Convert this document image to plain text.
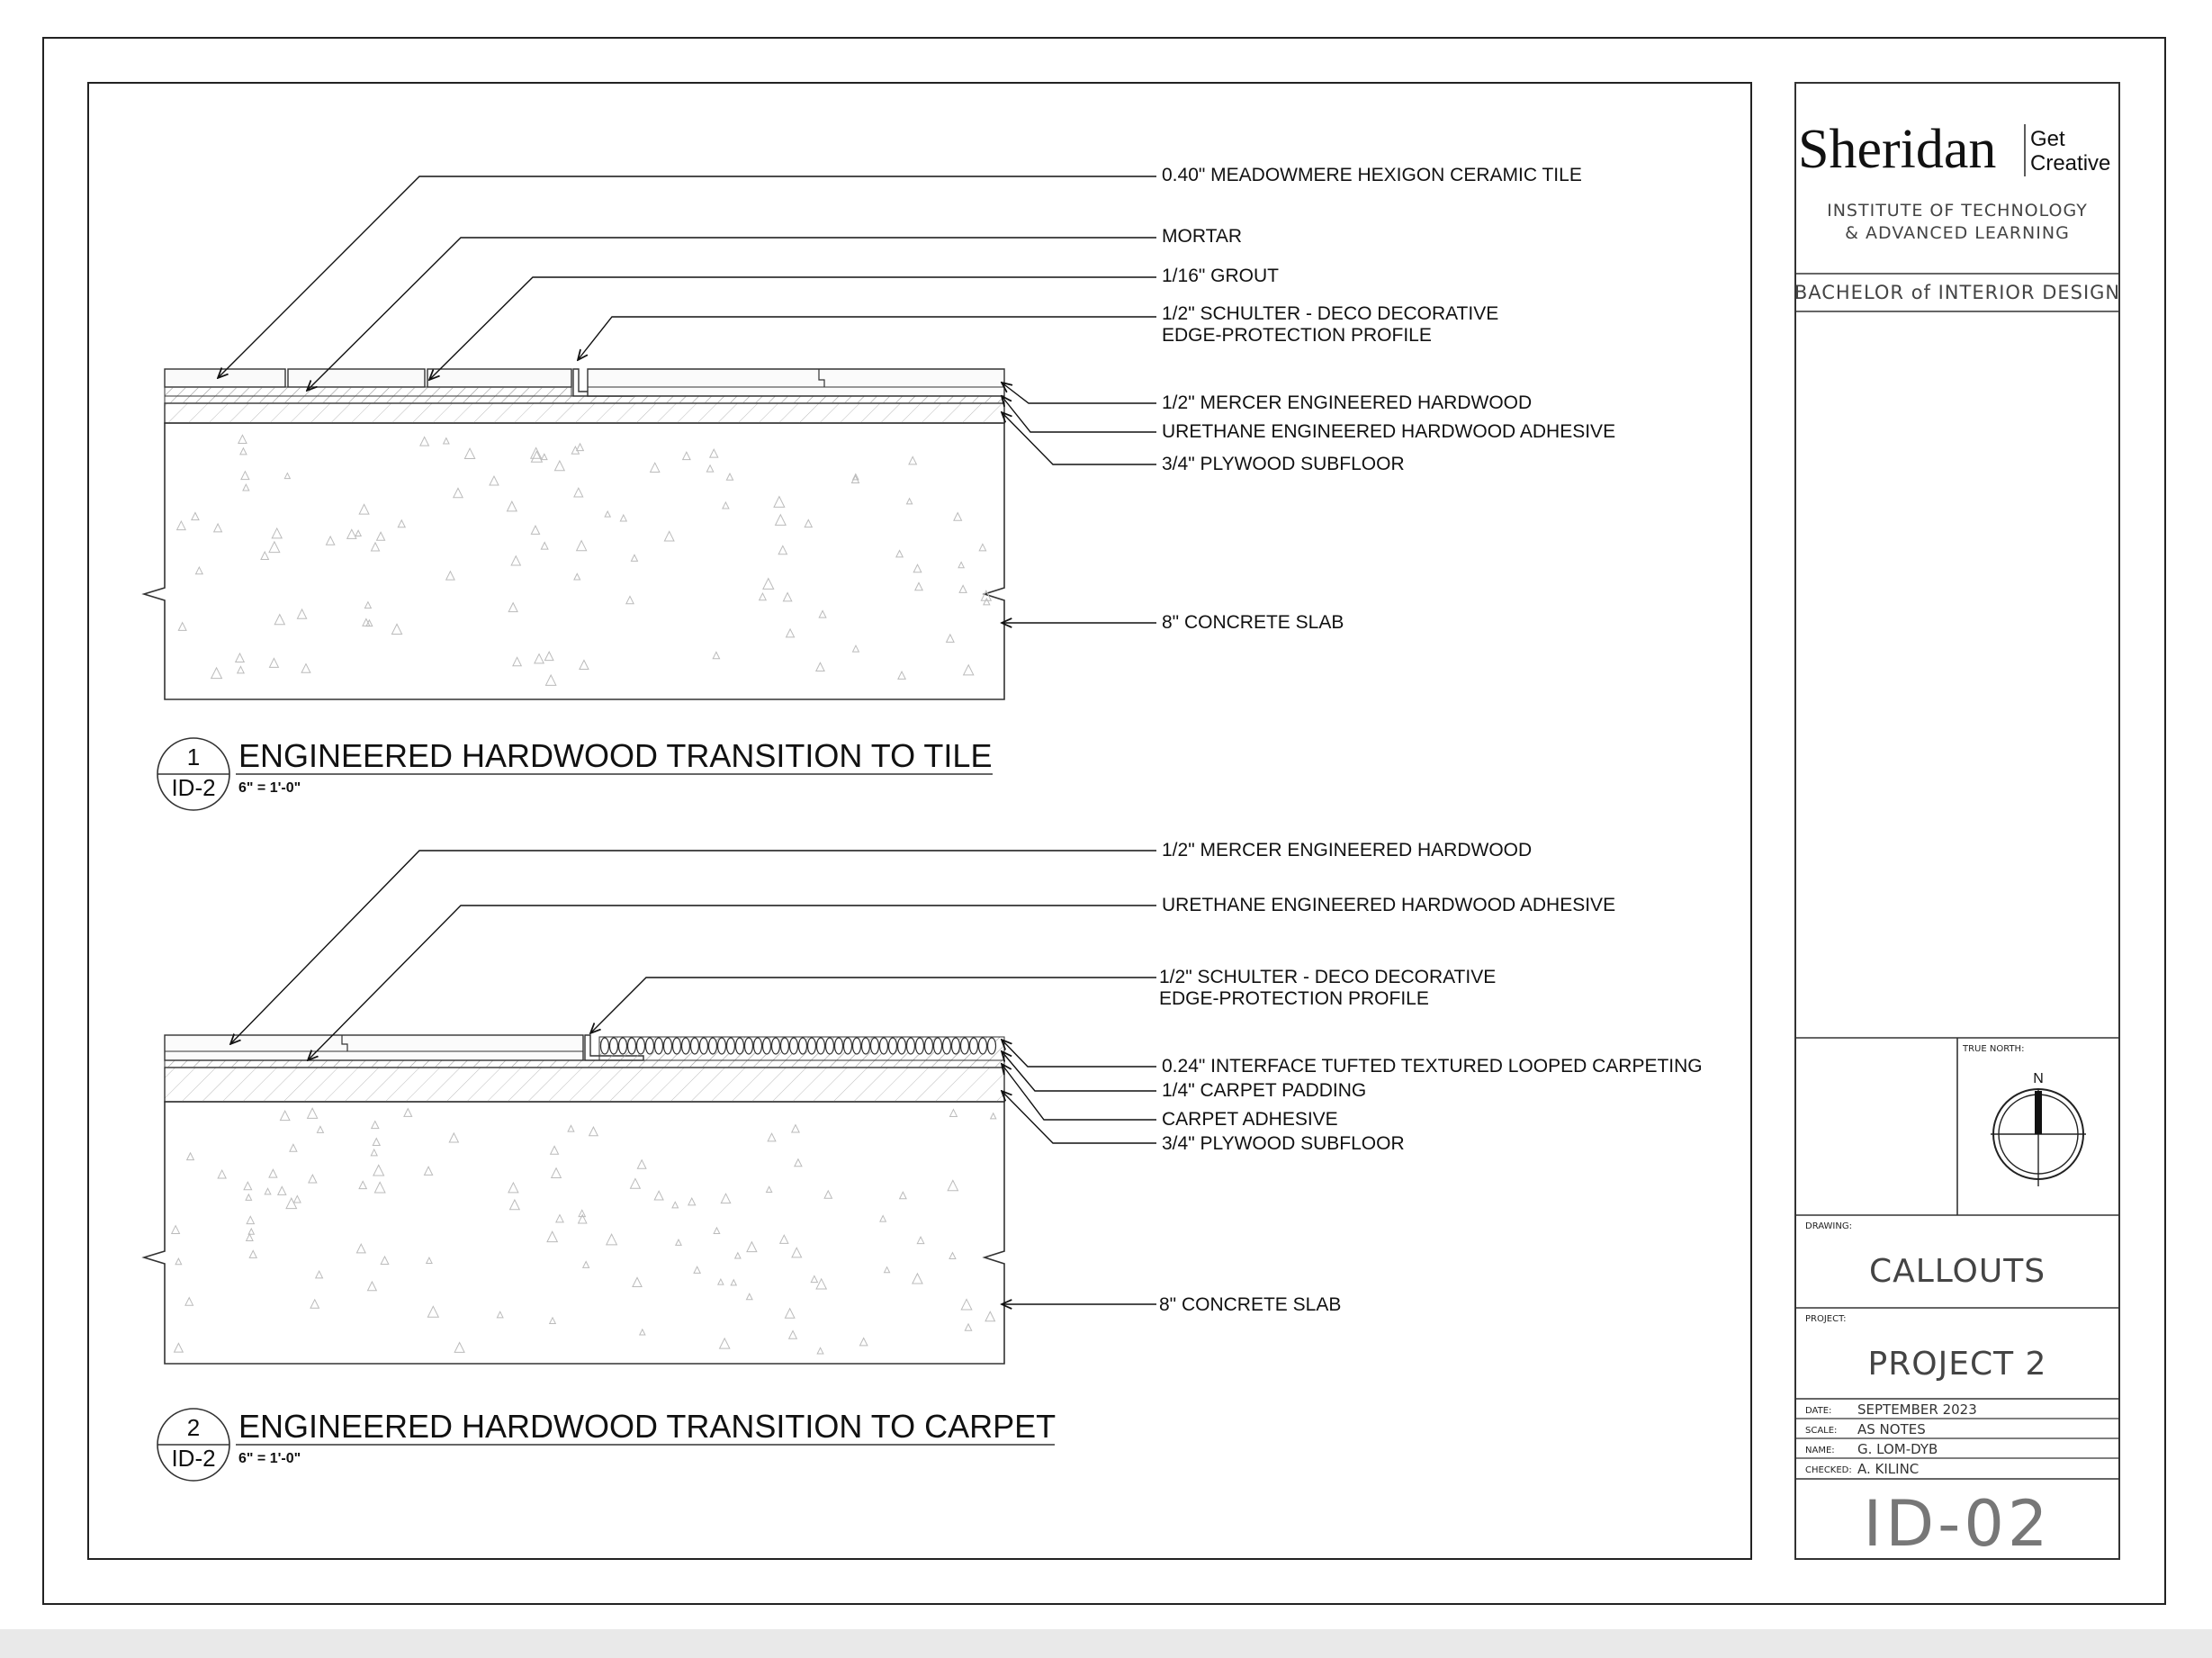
0.40" MEADOWMERE HEXIGON CERAMIC TILE
MORTAR
1/16" GROUT
1/2" SCHULTER - DECO DECORATIVE
EDGE-PROTECTION PROFILE
1/2" MERCER ENGINEERED HARDWOOD
URETHANE ENGINEERED HARDWOOD ADHESIVE
3/4" PLYWOOD SUBFLOOR
8" CONCRETE SLAB
1
ID-2
ENGINEERED HARDWOOD TRANSITION TO TILE
6" = 1'-0"
1/2" MERCER ENGINEERED HARDWOOD
URETHANE ENGINEERED HARDWOOD ADHESIVE
1/2" SCHULTER - DECO DECORATIVE
EDGE-PROTECTION PROFILE
0.24" INTERFACE TUFTED TEXTURED LOOPED CARPETING
1/4" CARPET PADDING
CARPET ADHESIVE
3/4" PLYWOOD SUBFLOOR
8" CONCRETE SLAB
2
ID-2
ENGINEERED HARDWOOD TRANSITION TO CARPET
6" = 1'-0"
Sheridan Get
Creative
INSTITUTE OF TECHNOLOGY
& ADVANCED LEARNING
BACHELOR of INTERIOR DESIGN
TRUE NORTH:
N
DRAWING:
CALLOUTS
PROJECT:
PROJECT 2
DATE: SEPTEMBER 2023
SCALE: AS NOTES
NAME: G. LOM-DYB
CHECKED: A. KILINC
ID-02
